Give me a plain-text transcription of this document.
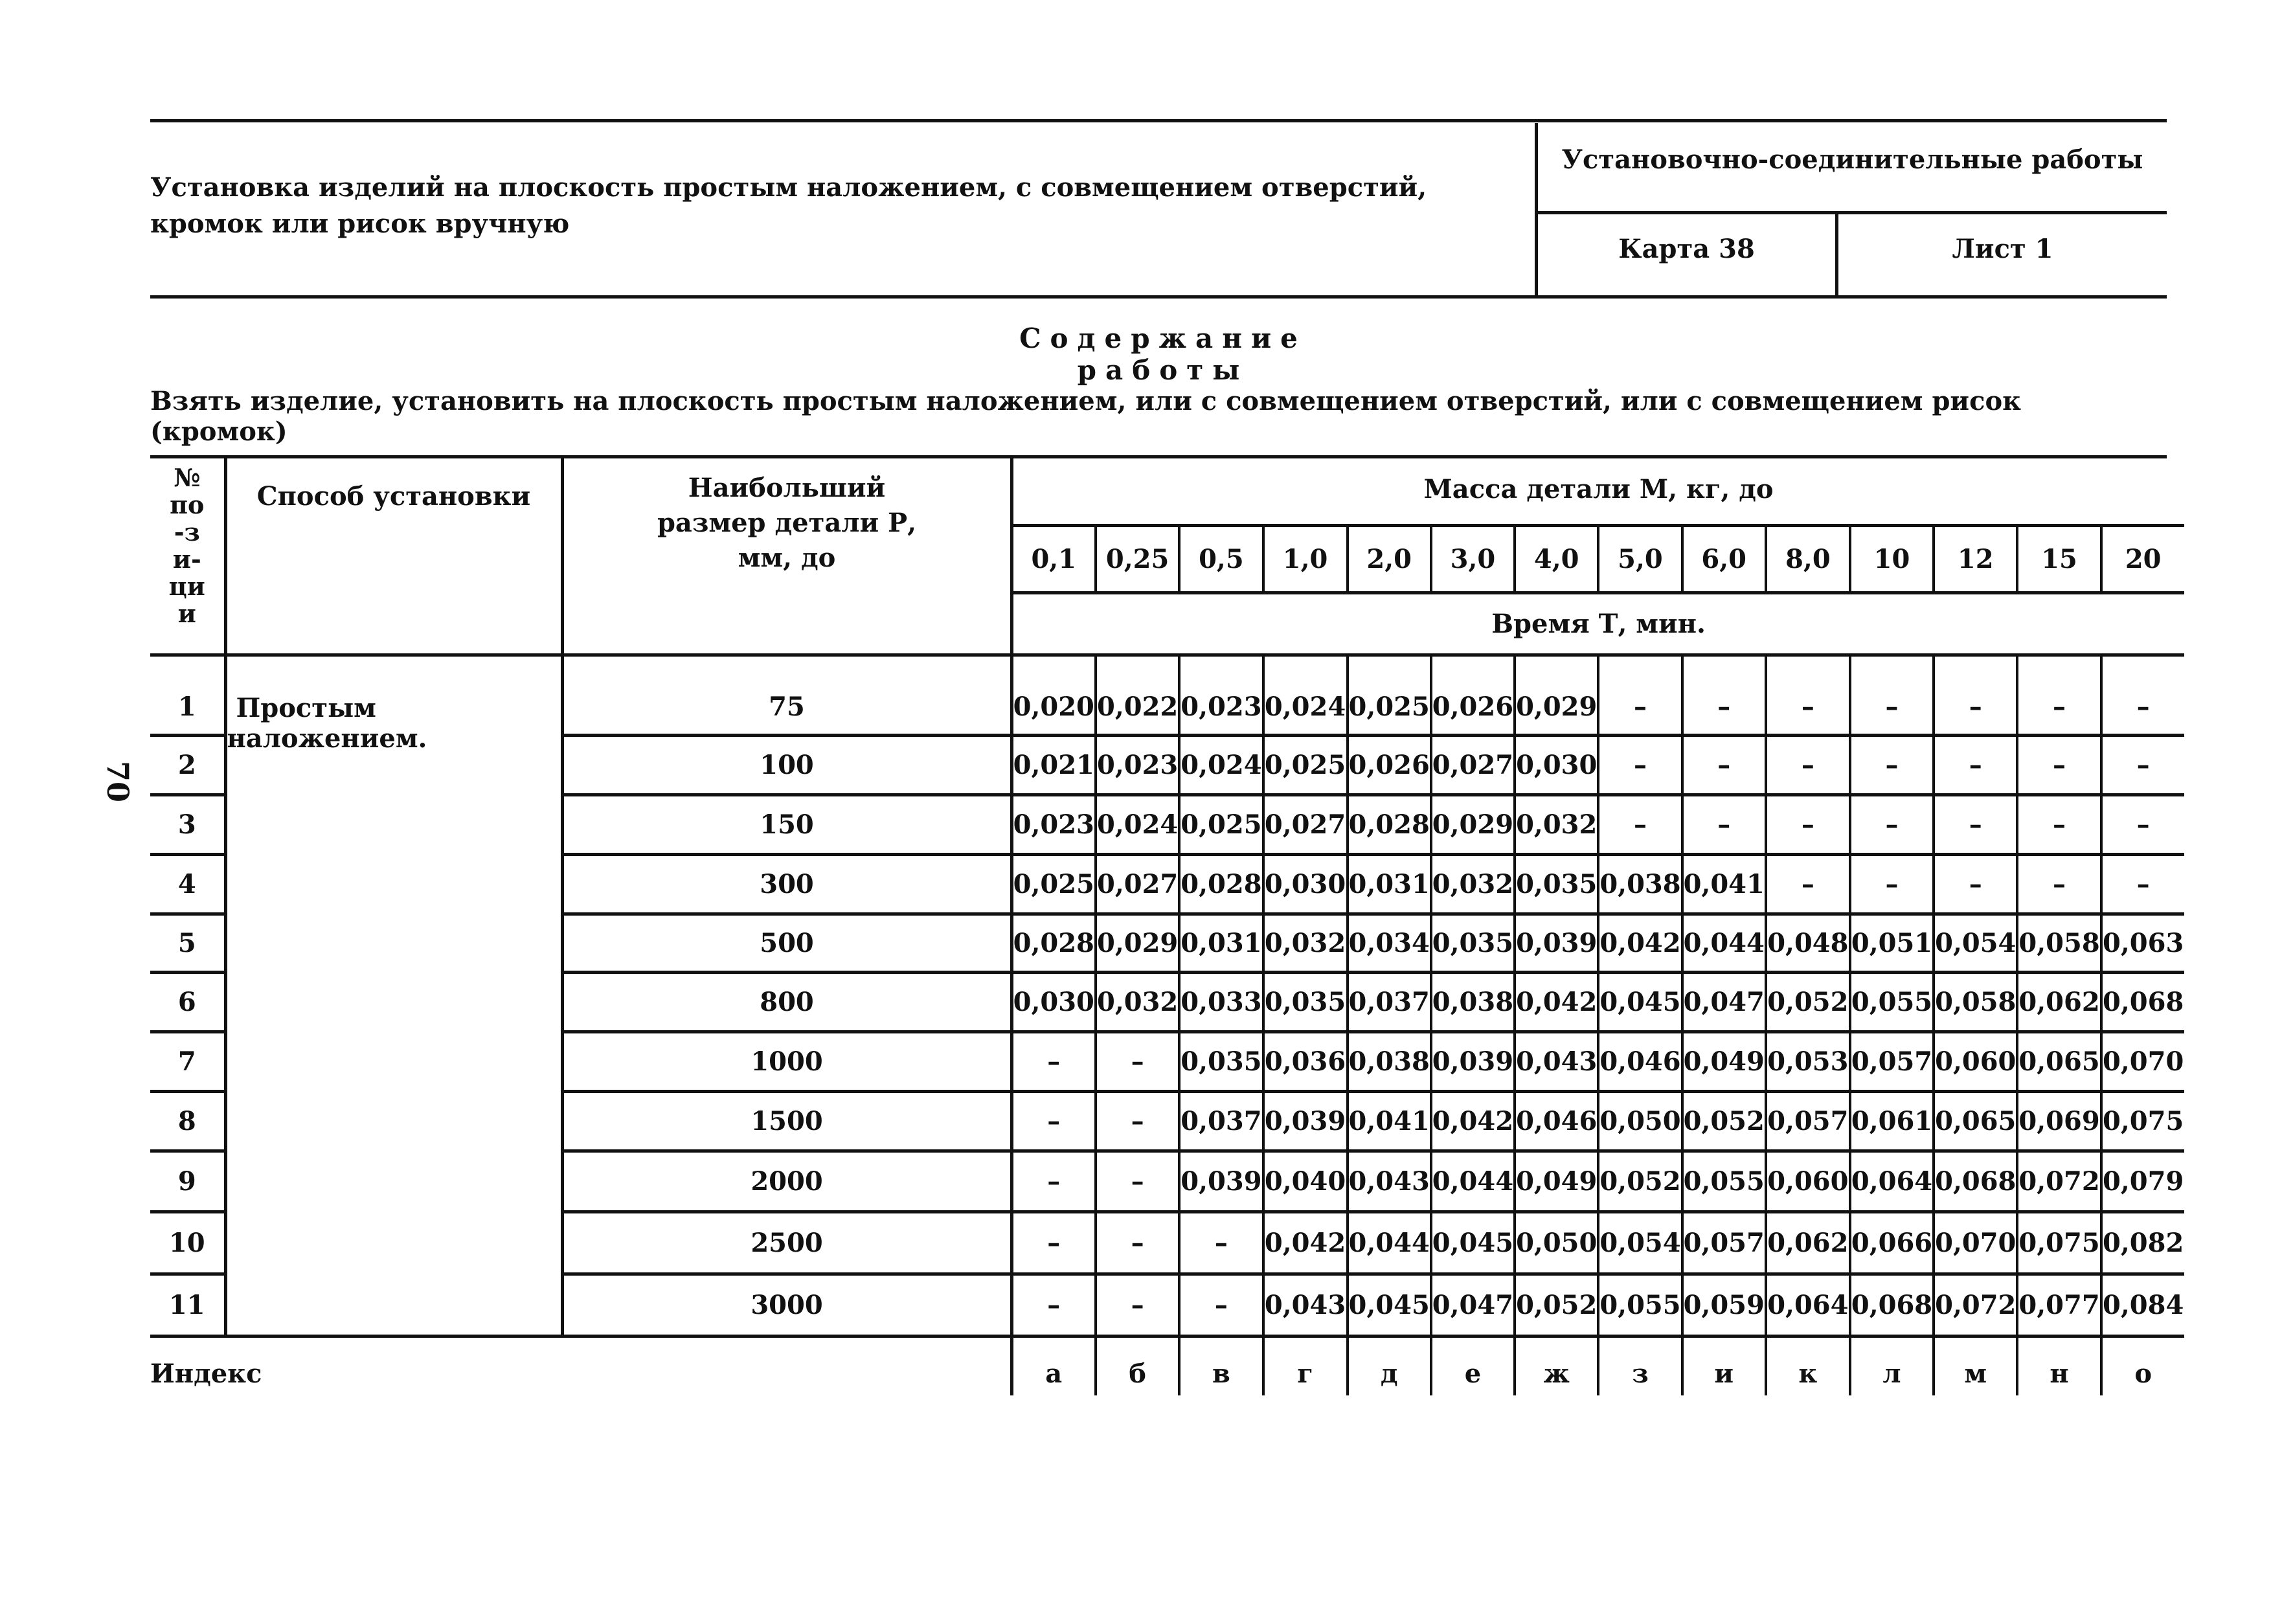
Установка изделий на плоскость простым наложением, с совмещением отверстий, кромок или рисок вручную
Установочно-соединительные работы
Карта 38	Лист 1
Содержание работы
Взять изделие, установить на плоскость простым наложением, или с совмещением отверстий, или с совмещением рисок (кромок)
70
№ по-зи-ции	Способ установки	Наибольший размер детали Р, мм, до	Масса детали М, кг, до													
			0,1	0,25	0,5	1,0	2,0	3,0	4,0	5,0	6,0	8,0	10	12	15	20
			Время Т, мин.													
1	Простым наложением.	75	0,020	0,022	0,023	0,024	0,025	0,026	0,029	–	–	–	–	–	–	–
2		100	0,021	0,023	0,024	0,025	0,026	0,027	0,030	–	–	–	–	–	–	–
3		150	0,023	0,024	0,025	0,027	0,028	0,029	0,032	–	–	–	–	–	–	–
4		300	0,025	0,027	0,028	0,030	0,031	0,032	0,035	0,038	0,041	–	–	–	–	–
5		500	0,028	0,029	0,031	0,032	0,034	0,035	0,039	0,042	0,044	0,048	0,051	0,054	0,058	0,063
6		800	0,030	0,032	0,033	0,035	0,037	0,038	0,042	0,045	0,047	0,052	0,055	0,058	0,062	0,068
7		1000	–	–	0,035	0,036	0,038	0,039	0,043	0,046	0,049	0,053	0,057	0,060	0,065	0,070
8		1500	–	–	0,037	0,039	0,041	0,042	0,046	0,050	0,052	0,057	0,061	0,065	0,069	0,075
9		2000	–	–	0,039	0,040	0,043	0,044	0,049	0,052	0,055	0,060	0,064	0,068	0,072	0,079
10		2500	–	–	–	0,042	0,044	0,045	0,050	0,054	0,057	0,062	0,066	0,070	0,075	0,082
11		3000	–	–	–	0,043	0,045	0,047	0,052	0,055	0,059	0,064	0,068	0,072	0,077	0,084
Индекс			а	б	в	г	д	е	ж	з	и	к	л	м	н	о
